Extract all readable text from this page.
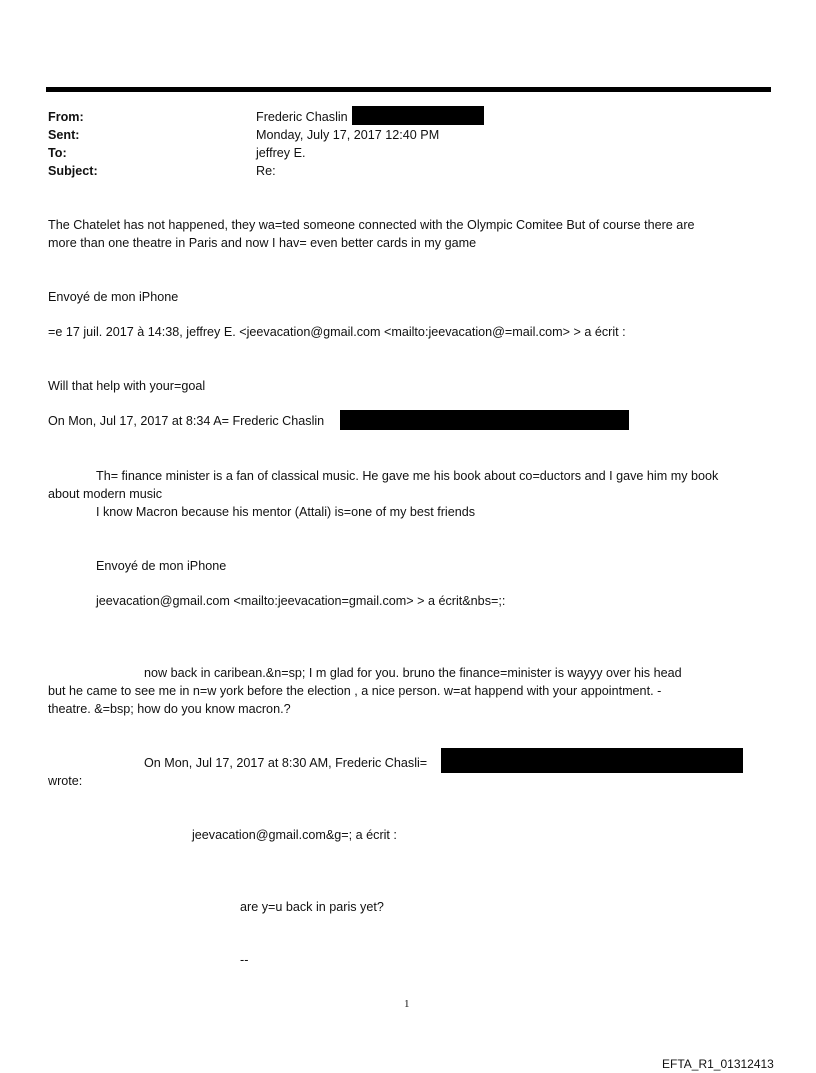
From:	Frederic Chaslin
Sent:	Monday, July 17, 2017 12:40 PM
To:	jeffrey E.
Subject:	Re:
The Chatelet has not happened, they wa=ted someone connected with the Olympic Comitee But of course there are
more than one theatre in Paris and now I hav= even better cards in my game
Envoyé de mon iPhone
=e 17 juil. 2017 à 14:38, jeffrey E. <jeevacation@gmail.com <mailto:jeevacation@=mail.com> > a écrit :
Will that help with your=goal
On Mon, Jul 17, 2017 at 8:34 A= Frederic Chaslin
Th= finance minister is a fan of classical music. He gave me his book about co=ductors and I gave him my book
about modern music
I know Macron because his mentor (Attali) is=one of my best friends
Envoyé de mon iPhone
jeevacation@gmail.com <mailto:jeevacation=gmail.com> > a écrit&nbs=;:
now back in caribean.&n=sp; I m glad for you. bruno the finance=minister is wayyy over his head
but he came to see me in n=w york before the election , a nice person. w=at happend with your appointment. -
theatre. &=bsp; how do you know macron.?
On Mon, Jul 17, 2017 at 8:30 AM, Frederic Chasli=
wrote:
jeevacation@gmail.com&g=; a écrit :
are y=u back in paris yet?
--
1
EFTA_R1_01312413
